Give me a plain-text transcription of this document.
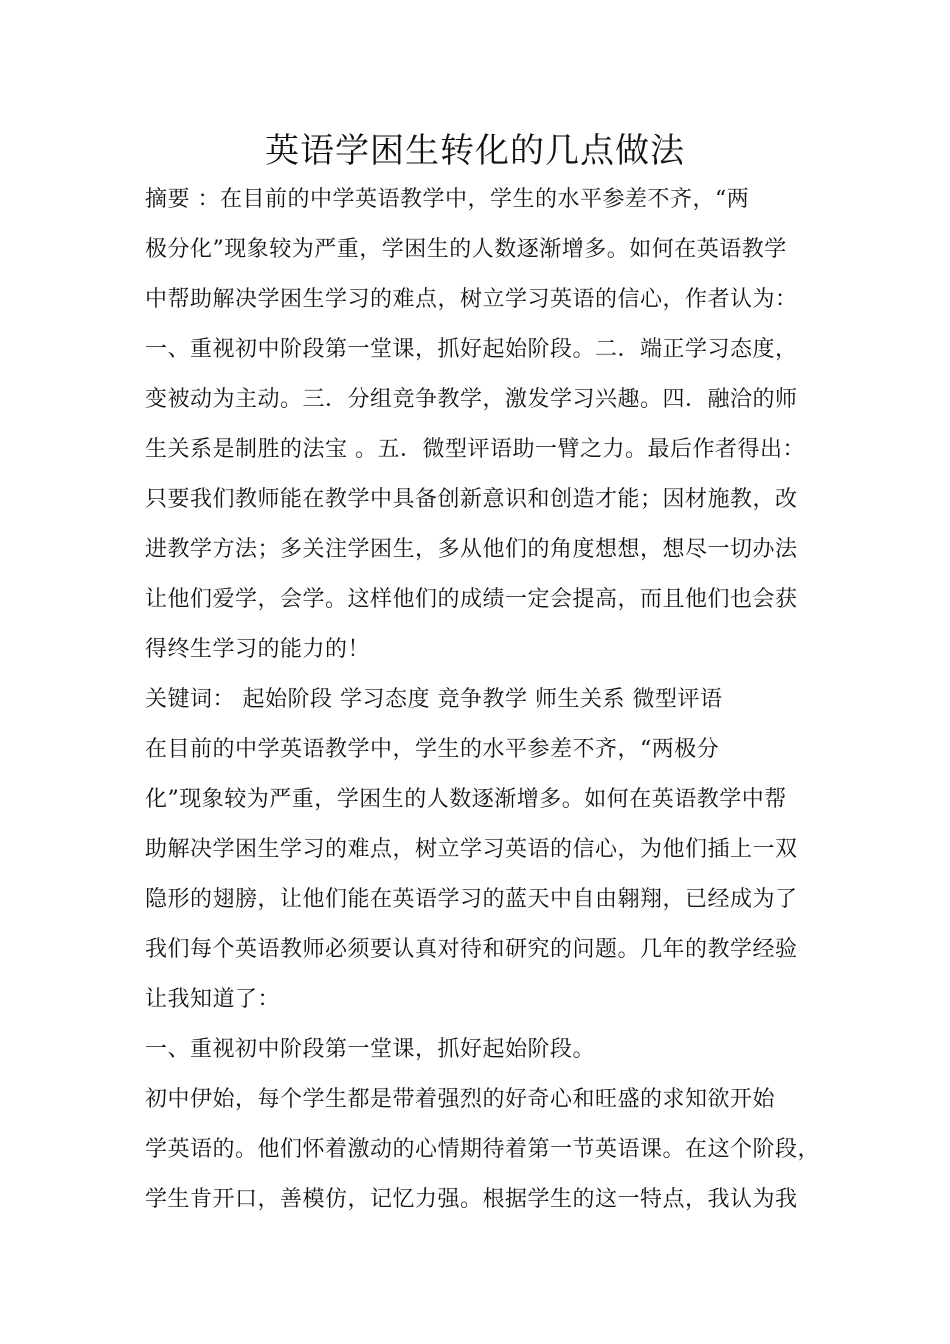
英语学困生转化的几点做法
摘要 ：在目前的中学英语教学中，学生的水平参差不齐，“两
极分化”现象较为严重，学困生的人数逐渐增多。如何在英语教学
中帮助解决学困生学习的难点，树立学习英语的信心，作者认为：
一、重视初中阶段第一堂课，抓好起始阶段。二．端正学习态度，
变被动为主动。三．分组竞争教学，激发学习兴趣。四．融洽的师
生关系是制胜的法宝 。五．微型评语助一臂之力。最后作者得出：
只要我们教师能在教学中具备创新意识和创造才能；因材施教，改
进教学方法；多关注学困生，多从他们的角度想想，想尽一切办法
让他们爱学，会学。这样他们的成绩一定会提高，而且他们也会获
得终生学习的能力的！
关键词： 起始阶段 学习态度 竞争教学 师生关系 微型评语
在目前的中学英语教学中，学生的水平参差不齐，“两极分
化”现象较为严重，学困生的人数逐渐增多。如何在英语教学中帮
助解决学困生学习的难点，树立学习英语的信心，为他们插上一双
隐形的翅膀，让他们能在英语学习的蓝天中自由翱翔，已经成为了
我们每个英语教师必须要认真对待和研究的问题。几年的教学经验
让我知道了：
一、重视初中阶段第一堂课，抓好起始阶段。
初中伊始，每个学生都是带着强烈的好奇心和旺盛的求知欲开始
学英语的。他们怀着激动的心情期待着第一节英语课。在这个阶段，
学生肯开口，善模仿，记忆力强。根据学生的这一特点，我认为我
